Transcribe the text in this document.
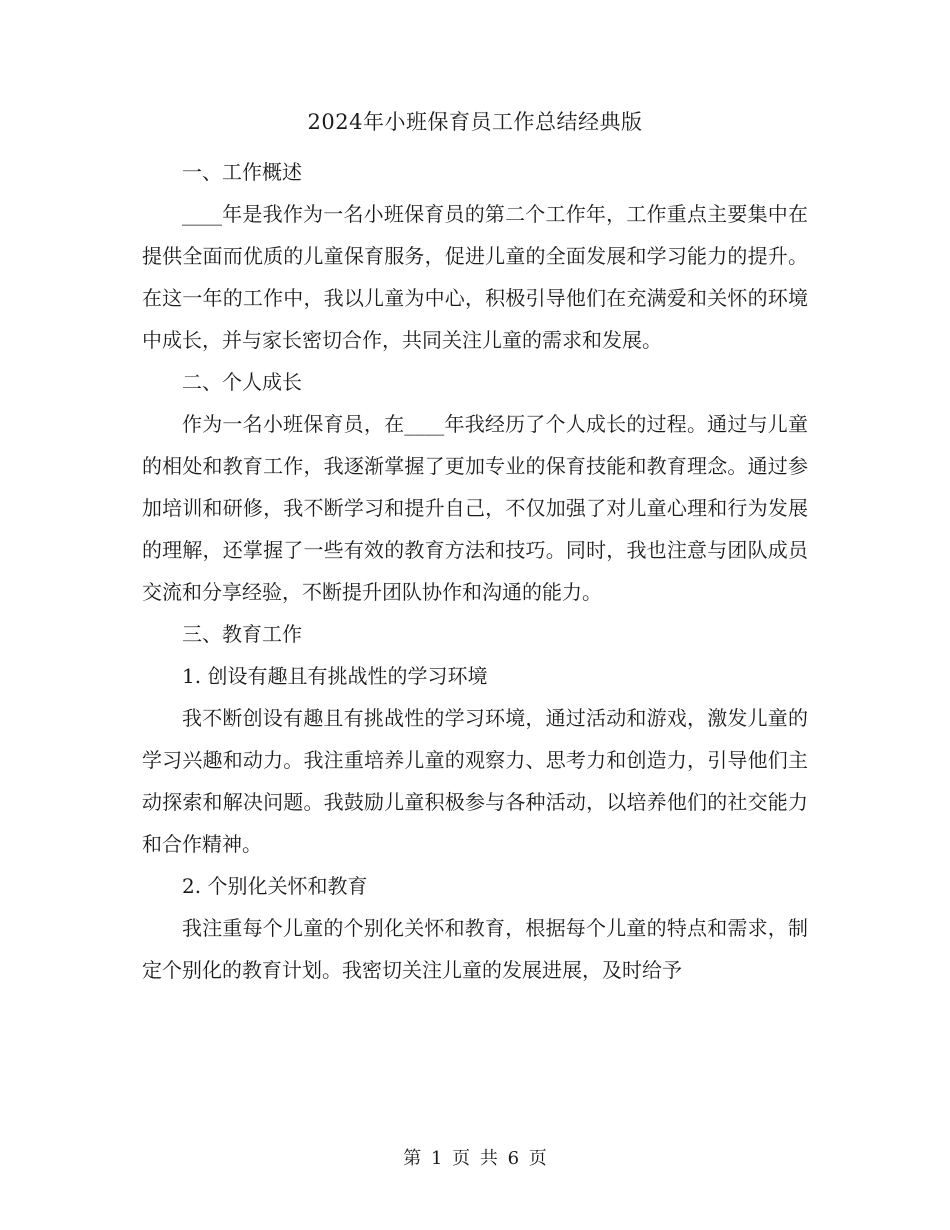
2024年小班保育员工作总结经典版

一、工作概述

____年是我作为一名小班保育员的第二个工作年，工作重点主要集中在提供全面而优质的儿童保育服务，促进儿童的全面发展和学习能力的提升。在这一年的工作中，我以儿童为中心，积极引导他们在充满爱和关怀的环境中成长，并与家长密切合作，共同关注儿童的需求和发展。

二、个人成长

作为一名小班保育员，在____年我经历了个人成长的过程。通过与儿童的相处和教育工作，我逐渐掌握了更加专业的保育技能和教育理念。通过参加培训和研修，我不断学习和提升自己，不仅加强了对儿童心理和行为发展的理解，还掌握了一些有效的教育方法和技巧。同时，我也注意与团队成员交流和分享经验，不断提升团队协作和沟通的能力。

三、教育工作

1. 创设有趣且有挑战性的学习环境

我不断创设有趣且有挑战性的学习环境，通过活动和游戏，激发儿童的学习兴趣和动力。我注重培养儿童的观察力、思考力和创造力，引导他们主动探索和解决问题。我鼓励儿童积极参与各种活动，以培养他们的社交能力和合作精神。

2. 个别化关怀和教育

我注重每个儿童的个别化关怀和教育，根据每个儿童的特点和需求，制定个别化的教育计划。我密切关注儿童的发展进展，及时给予

第 1 页 共 6 页
